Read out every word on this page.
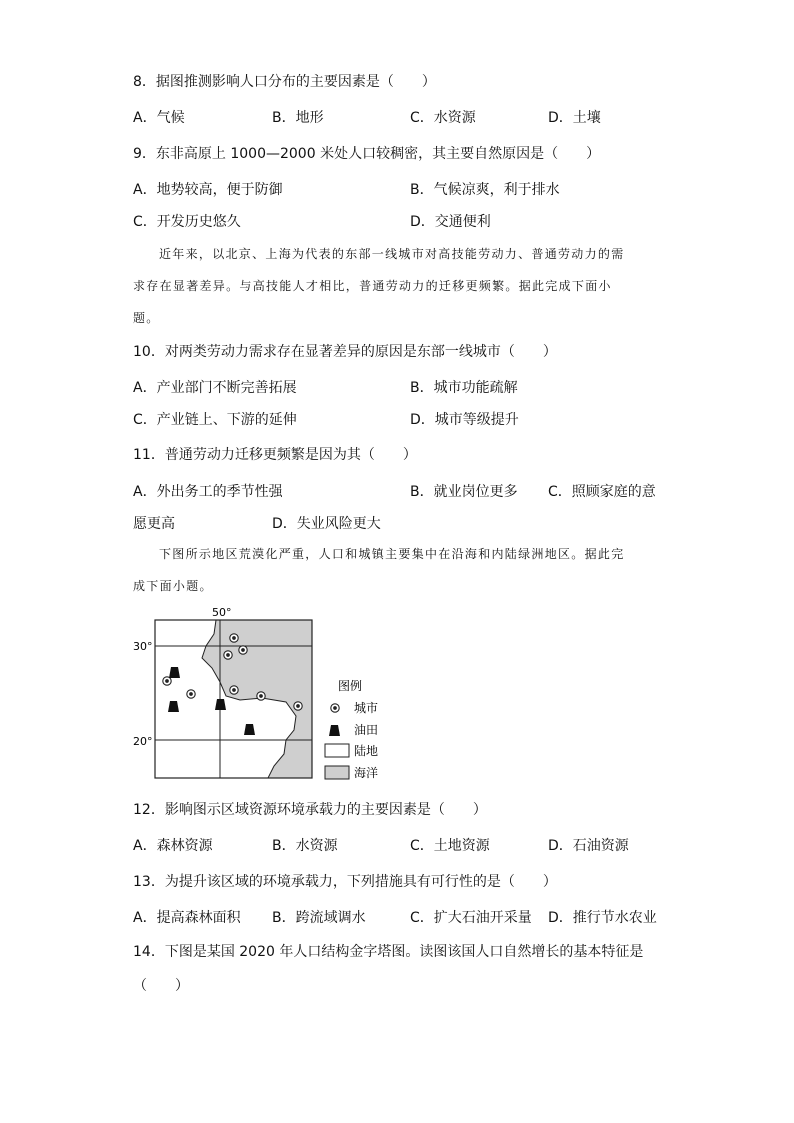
8．据图推测影响人口分布的主要因素是（　　）
A．气候	B．地形	C．水资源	D．土壤
9．东非高原上 1000—2000 米处人口较稠密，其主要自然原因是（　　）
A．地势较高，便于防御	B．气候凉爽，利于排水
C．开发历史悠久	D．交通便利
近年来，以北京、上海为代表的东部一线城市对高技能劳动力、普通劳动力的需
求存在显著差异。与高技能人才相比，普通劳动力的迁移更频繁。据此完成下面小
题。
10．对两类劳动力需求存在显著差异的原因是东部一线城市（　　）
A．产业部门不断完善拓展	B．城市功能疏解
C．产业链上、下游的延伸	D．城市等级提升
11．普通劳动力迁移更频繁是因为其（　　）
A．外出务工的季节性强	B．就业岗位更多 C．照顾家庭的意
愿更高	D．失业风险更大
下图所示地区荒漠化严重，人口和城镇主要集中在沿海和内陆绿洲地区。据此完
成下面小题。
50°
30°
20°
图例
城市
油田
陆地
海洋
12．影响图示区域资源环境承载力的主要因素是（　　）
A．森林资源	B．水资源	C．土地资源	D．石油资源
13．为提升该区域的环境承载力，下列措施具有可行性的是（　　）
A．提高森林面积 B．跨流域调水	C．扩大石油开采量 D．推行节水农业
14．下图是某国 2020 年人口结构金字塔图。读图该国人口自然增长的基本特征是
（　　）
